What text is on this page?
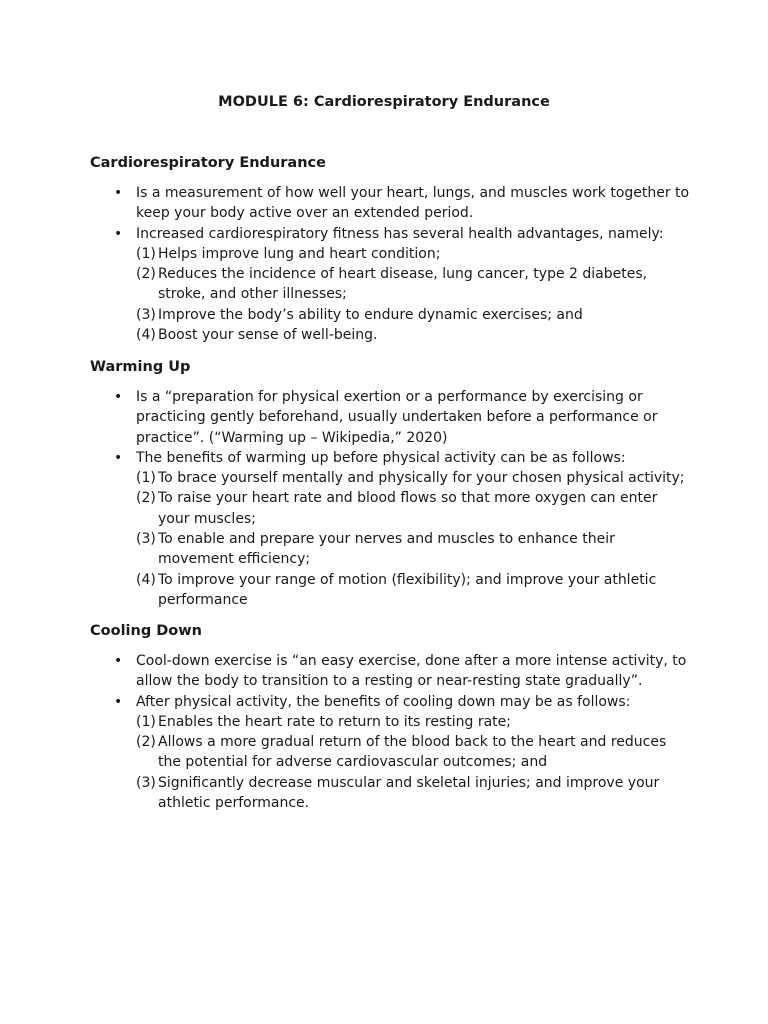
MODULE 6: Cardiorespiratory Endurance
Cardiorespiratory Endurance
• Is a measurement of how well your heart, lungs, and muscles work together to keep your body active over an extended period.
• Increased cardiorespiratory fitness has several health advantages, namely:
(1) Helps improve lung and heart condition;
(2) Reduces the incidence of heart disease, lung cancer, type 2 diabetes, stroke, and other illnesses;
(3) Improve the body’s ability to endure dynamic exercises; and
(4) Boost your sense of well-being.
Warming Up
• Is a “preparation for physical exertion or a performance by exercising or practicing gently beforehand, usually undertaken before a performance or practice”. (“Warming up – Wikipedia,” 2020)
• The benefits of warming up before physical activity can be as follows:
(1) To brace yourself mentally and physically for your chosen physical activity;
(2) To raise your heart rate and blood flows so that more oxygen can enter your muscles;
(3) To enable and prepare your nerves and muscles to enhance their movement efficiency;
(4) To improve your range of motion (flexibility); and improve your athletic performance
Cooling Down
• Cool-down exercise is “an easy exercise, done after a more intense activity, to allow the body to transition to a resting or near-resting state gradually”.
• After physical activity, the benefits of cooling down may be as follows:
(1) Enables the heart rate to return to its resting rate;
(2) Allows a more gradual return of the blood back to the heart and reduces the potential for adverse cardiovascular outcomes; and
(3) Significantly decrease muscular and skeletal injuries; and improve your athletic performance.
